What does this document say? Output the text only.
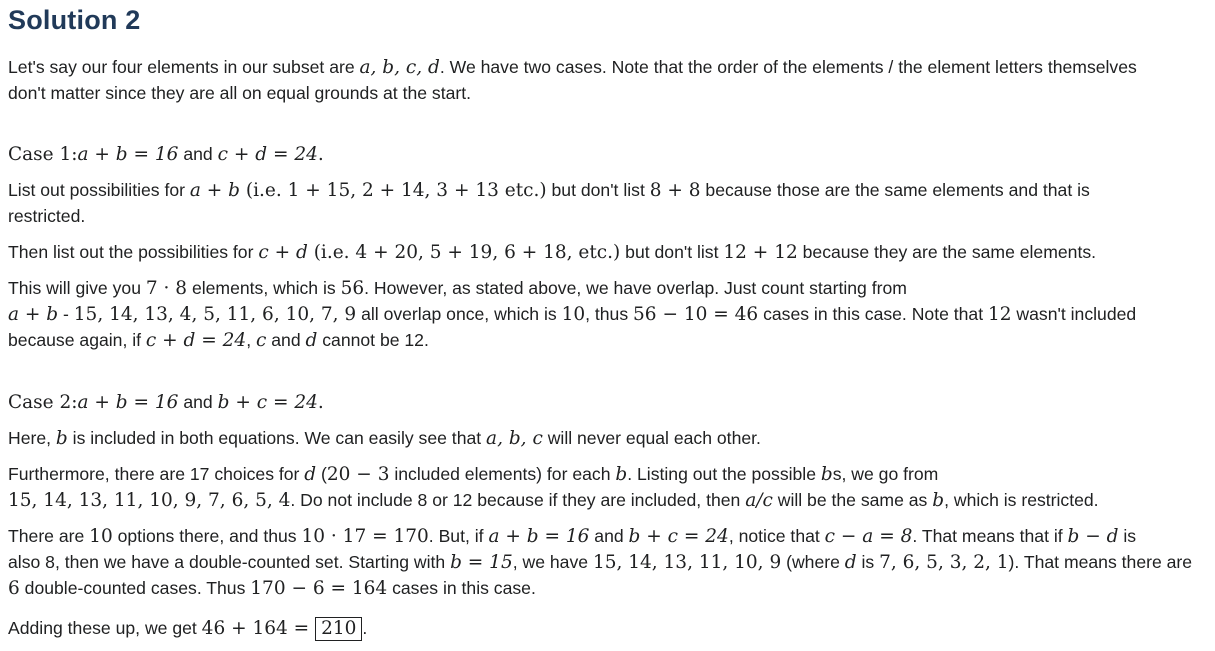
Solution 2

Let's say our four elements in our subset are a, b, c, d. We have two cases. Note that the order of the elements / the element letters themselves

don't matter since they are all on equal grounds at the start.

Case 1:a + b = 16 and c + d = 24.

List out possibilities for a + b (i.e. 1 + 15, 2 + 14, 3 + 13 etc.) but don't list 8 + 8 because those are the same elements and that is

restricted.

Then list out the possibilities for c + d (i.e. 4 + 20, 5 + 19, 6 + 18, etc.) but don't list 12 + 12 because they are the same elements.

This will give you 7 · 8 elements, which is 56. However, as stated above, we have overlap. Just count starting from

a + b - 15, 14, 13, 4, 5, 11, 6, 10, 7, 9 all overlap once, which is 10, thus 56 − 10 = 46 cases in this case. Note that 12 wasn't included

because again, if c + d = 24, c and d cannot be 12.

Case 2:a + b = 16 and b + c = 24.

Here, b is included in both equations. We can easily see that a, b, c will never equal each other.

Furthermore, there are 17 choices for d (20 − 3 included elements) for each b. Listing out the possible bs, we go from

15, 14, 13, 11, 10, 9, 7, 6, 5, 4. Do not include 8 or 12 because if they are included, then a/c will be the same as b, which is restricted.

There are 10 options there, and thus 10 · 17 = 170. But, if a + b = 16 and b + c = 24, notice that c − a = 8. That means that if b − d is

also 8, then we have a double-counted set. Starting with b = 15, we have 15, 14, 13, 11, 10, 9 (where d is 7, 6, 5, 3, 2, 1). That means there are

6 double-counted cases. Thus 170 − 6 = 164 cases in this case.

Adding these up, we get 46 + 164 = 210 .
